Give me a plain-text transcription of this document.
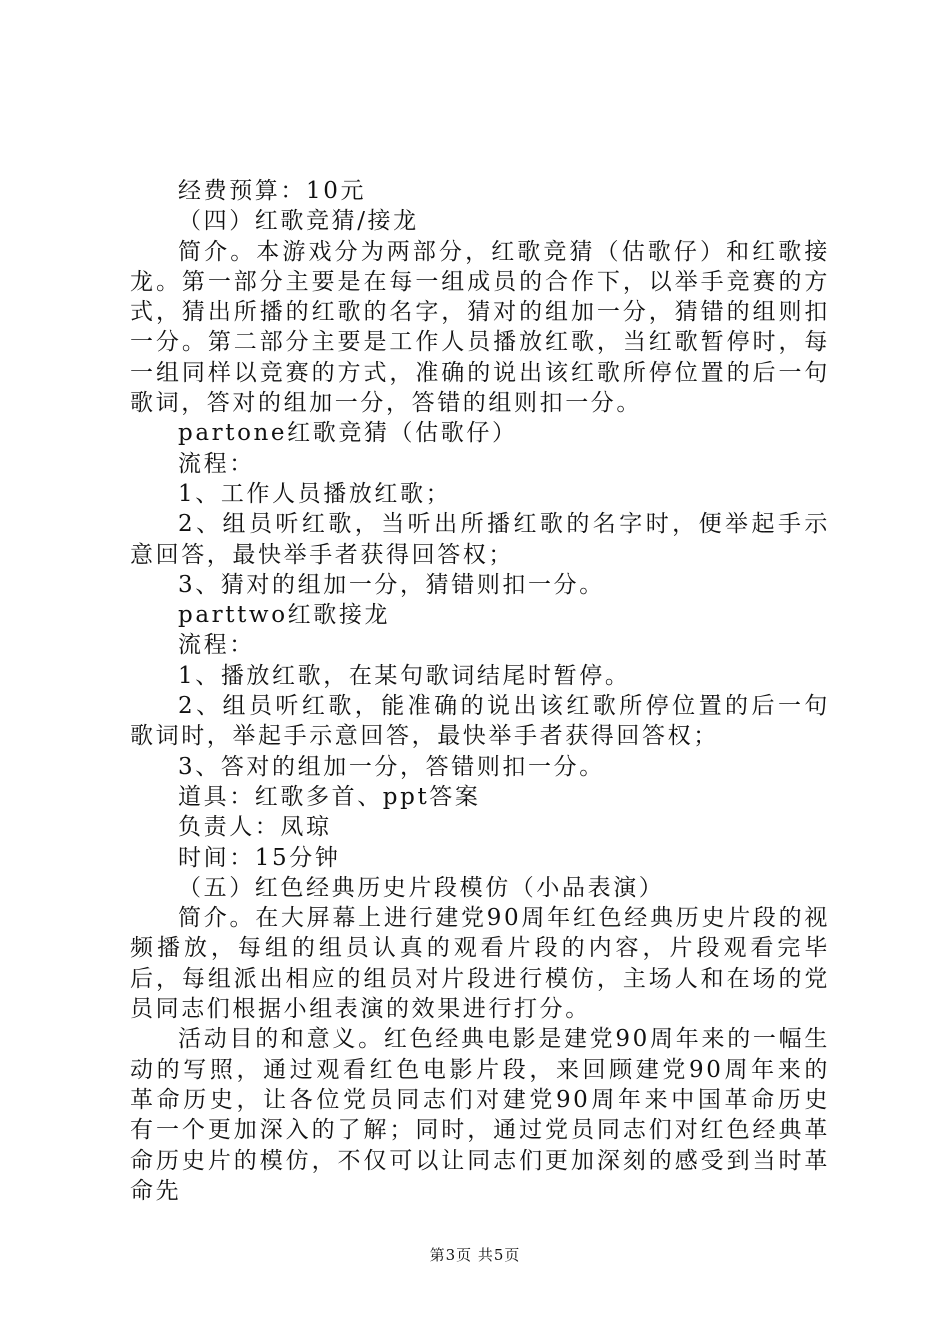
经费预算：10元

（四）红歌竞猜/接龙

简介。本游戏分为两部分，红歌竞猜（估歌仔）和红歌接龙。第一部分主要是在每一组成员的合作下，以举手竞赛的方式，猜出所播的红歌的名字，猜对的组加一分，猜错的组则扣一分。第二部分主要是工作人员播放红歌，当红歌暂停时，每一组同样以竞赛的方式，准确的说出该红歌所停位置的后一句歌词，答对的组加一分，答错的组则扣一分。

partone红歌竞猜（估歌仔）

流程：

1、工作人员播放红歌；

2、组员听红歌，当听出所播红歌的名字时，便举起手示意回答，最快举手者获得回答权；

3、猜对的组加一分，猜错则扣一分。

parttwo红歌接龙

流程：

1、播放红歌，在某句歌词结尾时暂停。

2、组员听红歌，能准确的说出该红歌所停位置的后一句歌词时，举起手示意回答，最快举手者获得回答权；

3、答对的组加一分，答错则扣一分。

道具：红歌多首、ppt答案

负责人：凤琼

时间：15分钟

（五）红色经典历史片段模仿（小品表演）

简介。在大屏幕上进行建党90周年红色经典历史片段的视频播放，每组的组员认真的观看片段的内容，片段观看完毕后，每组派出相应的组员对片段进行模仿，主场人和在场的党员同志们根据小组表演的效果进行打分。

活动目的和意义。红色经典电影是建党90周年来的一幅生动的写照，通过观看红色电影片段，来回顾建党90周年来的革命历史，让各位党员同志们对建党90周年来中国革命历史有一个更加深入的了解；同时，通过党员同志们对红色经典革命历史片的模仿，不仅可以让同志们更加深刻的感受到当时革命先

第3页 共5页
